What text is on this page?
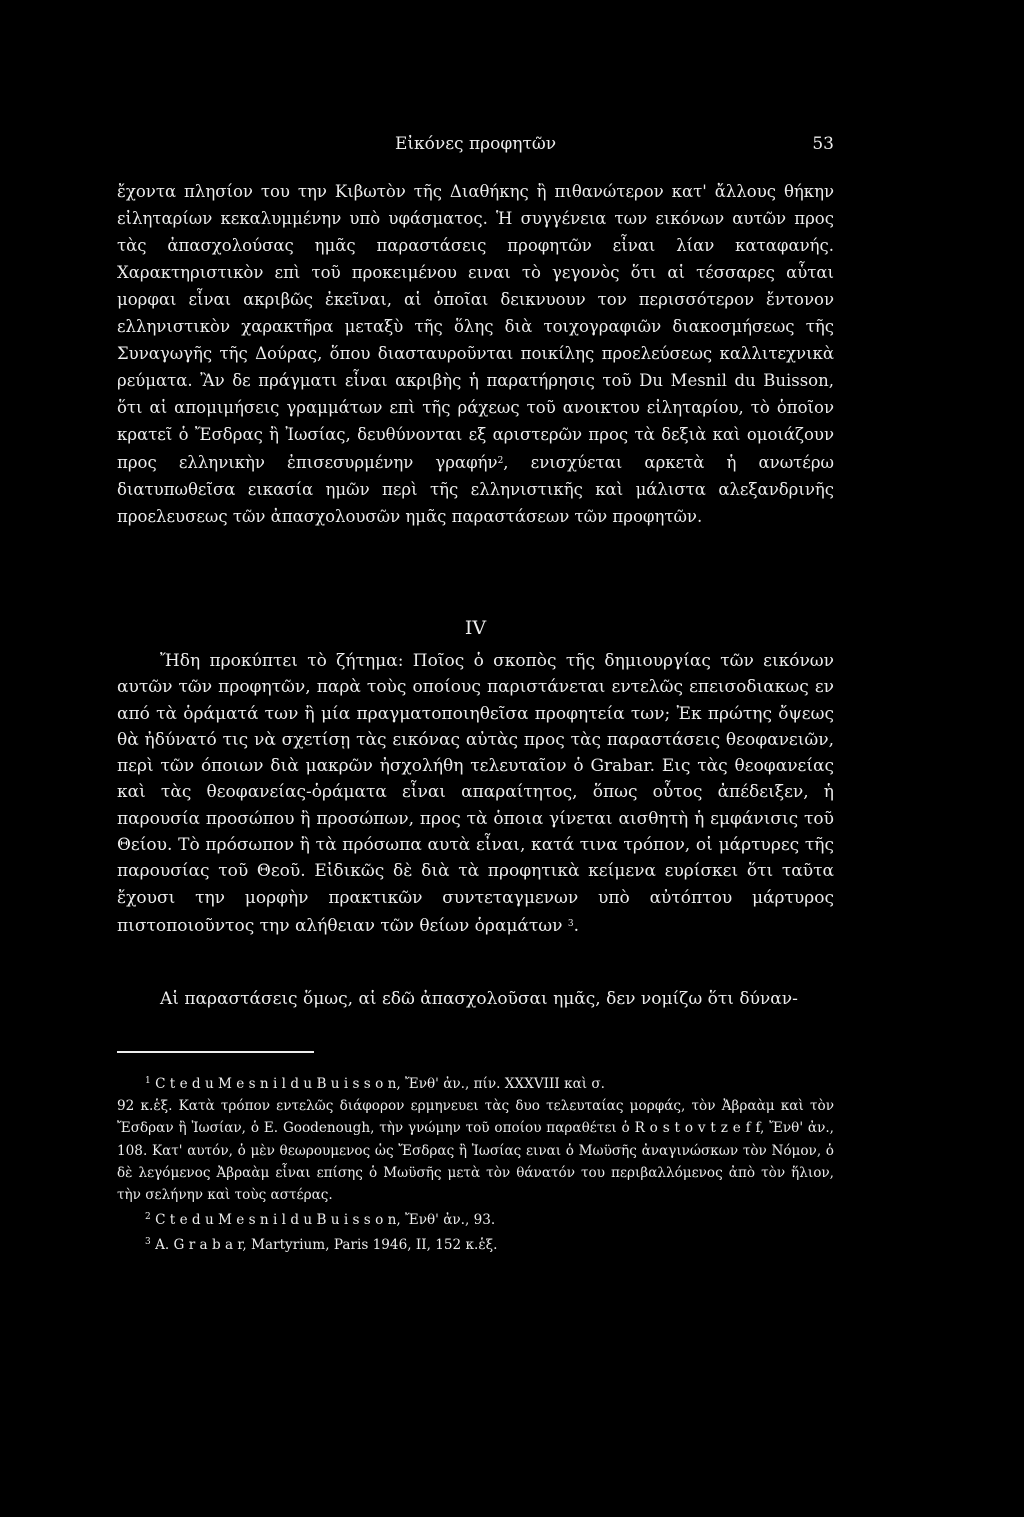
Εἰκόνες προφητῶν	53

ἔχοντα πλησίον του την Κιβωτὸν τῆς Διαθήκης ἢ πιθανώτερον κατ' ἄλλους θήκην εἰληταρίων κεκαλυμμένην υπὸ υφάσματος. Ἡ συγγένεια των εικόνων αυτῶν προς τὰς ἀπασχολούσας ημᾶς παραστάσεις προφητῶν εἶναι λίαν καταφανής. Χαρακτηριστικὸν επὶ τοῦ προκειμένου ειναι τὸ γεγονὸς ὅτι αἱ τέσσαρες αὗται μορφαι εἶναι ακριβῶς ἐκεῖναι, αἱ ὁποῖαι δεικνυουν τον περισσότερον ἔντονον ελληνιστικὸν χαρακτῆρα μεταξὺ τῆς ὅλης διὰ τοιχογραφιῶν διακοσμήσεως τῆς Συναγωγῆς τῆς Δούρας, ὅπου διασταυροῦνται ποικίλης προελεύσεως καλλιτεχνικὰ ρεύματα. Ἂν δε πράγματι εἶναι ακριβὴς ἡ παρατήρησις τοῦ Du Mesnil du Buisson, ὅτι αἱ απομιμήσεις γραμμάτων επὶ τῆς ράχεως τοῦ ανοικτου εἰληταρίου, τὸ ὁποῖον κρατεῖ ὁ Ἔσδρας ἢ Ἰωσίας, δευθύνονται εξ αριστερῶν προς τὰ δεξιὰ καὶ ομοιάζουν προς ελληνικὴν ἐπισεσυρμένην γραφήν$^2$, ενισχύεται αρκετὰ ἡ ανωτέρω διατυπωθεῖσα εικασία ημῶν περὶ τῆς ελληνιστικῆς καὶ μάλιστα αλεξανδρινῆς προελευσεως τῶν ἀπασχολουσῶν ημᾶς παραστάσεων τῶν προφητῶν.

IV

Ἤδη προκύπτει τὸ ζήτημα: Ποῖος ὁ σκοπὸς τῆς δημιουργίας τῶν εικόνων αυτῶν τῶν προφητῶν, παρὰ τοὺς οποίους παριστάνεται εντελῶς επεισοδιακως εν από τὰ ὁράματά των ἢ μία πραγματοποιηθεῖσα προφητεία των; Ἐκ πρώτης ὄψεως θὰ ἠδύνατό τις νὰ σχετίσῃ τὰς εικόνας αὐτὰς προς τὰς παραστάσεις θεοφανειῶν, περὶ τῶν όποιων διὰ μακρῶν ἠσχολήθη τελευταῖον ὁ Grabar. Εις τὰς θεοφανείας καὶ τὰς θεοφανείας-ὁράματα εἶναι απαραίτητος, ὅπως οὗτος ἀπέδειξεν, ἡ παρουσία προσώπου ἢ προσώπων, προς τὰ ὁποια γίνεται αισθητὴ ἡ εμφάνισις τοῦ Θείου. Τὸ πρόσωπον ἢ τὰ πρόσωπα αυτὰ εἶναι, κατά τινα τρόπον, οἱ μάρτυρες τῆς παρουσίας τοῦ Θεοῦ. Εἰδικῶς δὲ διὰ τὰ προφητικὰ κείμενα ευρίσκει ὅτι ταῦτα ἔχουσι την μορφὴν πρακτικῶν συντεταγμενων υπὸ αὐτόπτου μάρτυρος πιστοποιοῦντος την αλήθειαν τῶν θείων ὁραμάτων $^3$.

Αἱ παραστάσεις ὅμως, αἱ εδῶ ἀπασχολοῦσαι ημᾶς, δεν νομίζω ὅτι δύναν-

$^1$ C t e d u M e s n i l d u B u i s s o n, Ἔνθ' ἀν., πίν. XXXVIII καὶ σ.

92 κ.ἑξ. Κατὰ τρόπον εντελῶς διάφορον ερμηνευει τὰς δυο τελευταίας μορφάς, τὸν Ἀβραὰμ καὶ τὸν Ἔσδραν ἢ Ἰωσίαν, ὁ E. Goodenough, τὴν γνώμην τοῦ οποίου παραθέτει ὁ R o s t o v t z e f f, Ἔνθ' ἀν., 108. Κατ' αυτόν, ὁ μὲν θεωρουμενος ὡς Ἔσδρας ἢ Ἰωσίας ειναι ὁ Μωϋσῆς ἀναγινώσκων τὸν Νόμον, ὁ δὲ λεγόμενος Ἀβραὰμ εἶναι επίσης ὁ Μωϋσῆς μετὰ τὸν θάνατόν του περιβαλλόμενος ἀπὸ τὸν ἥλιον, τὴν σελήνην καὶ τοὺς αστέρας.

$^2$ C t e d u M e s n i l d u B u i s s o n, Ἔνθ' ἀν., 93.

$^3$ A. G r a b a r, Martyrium, Paris 1946, II, 152 κ.ἑξ.
